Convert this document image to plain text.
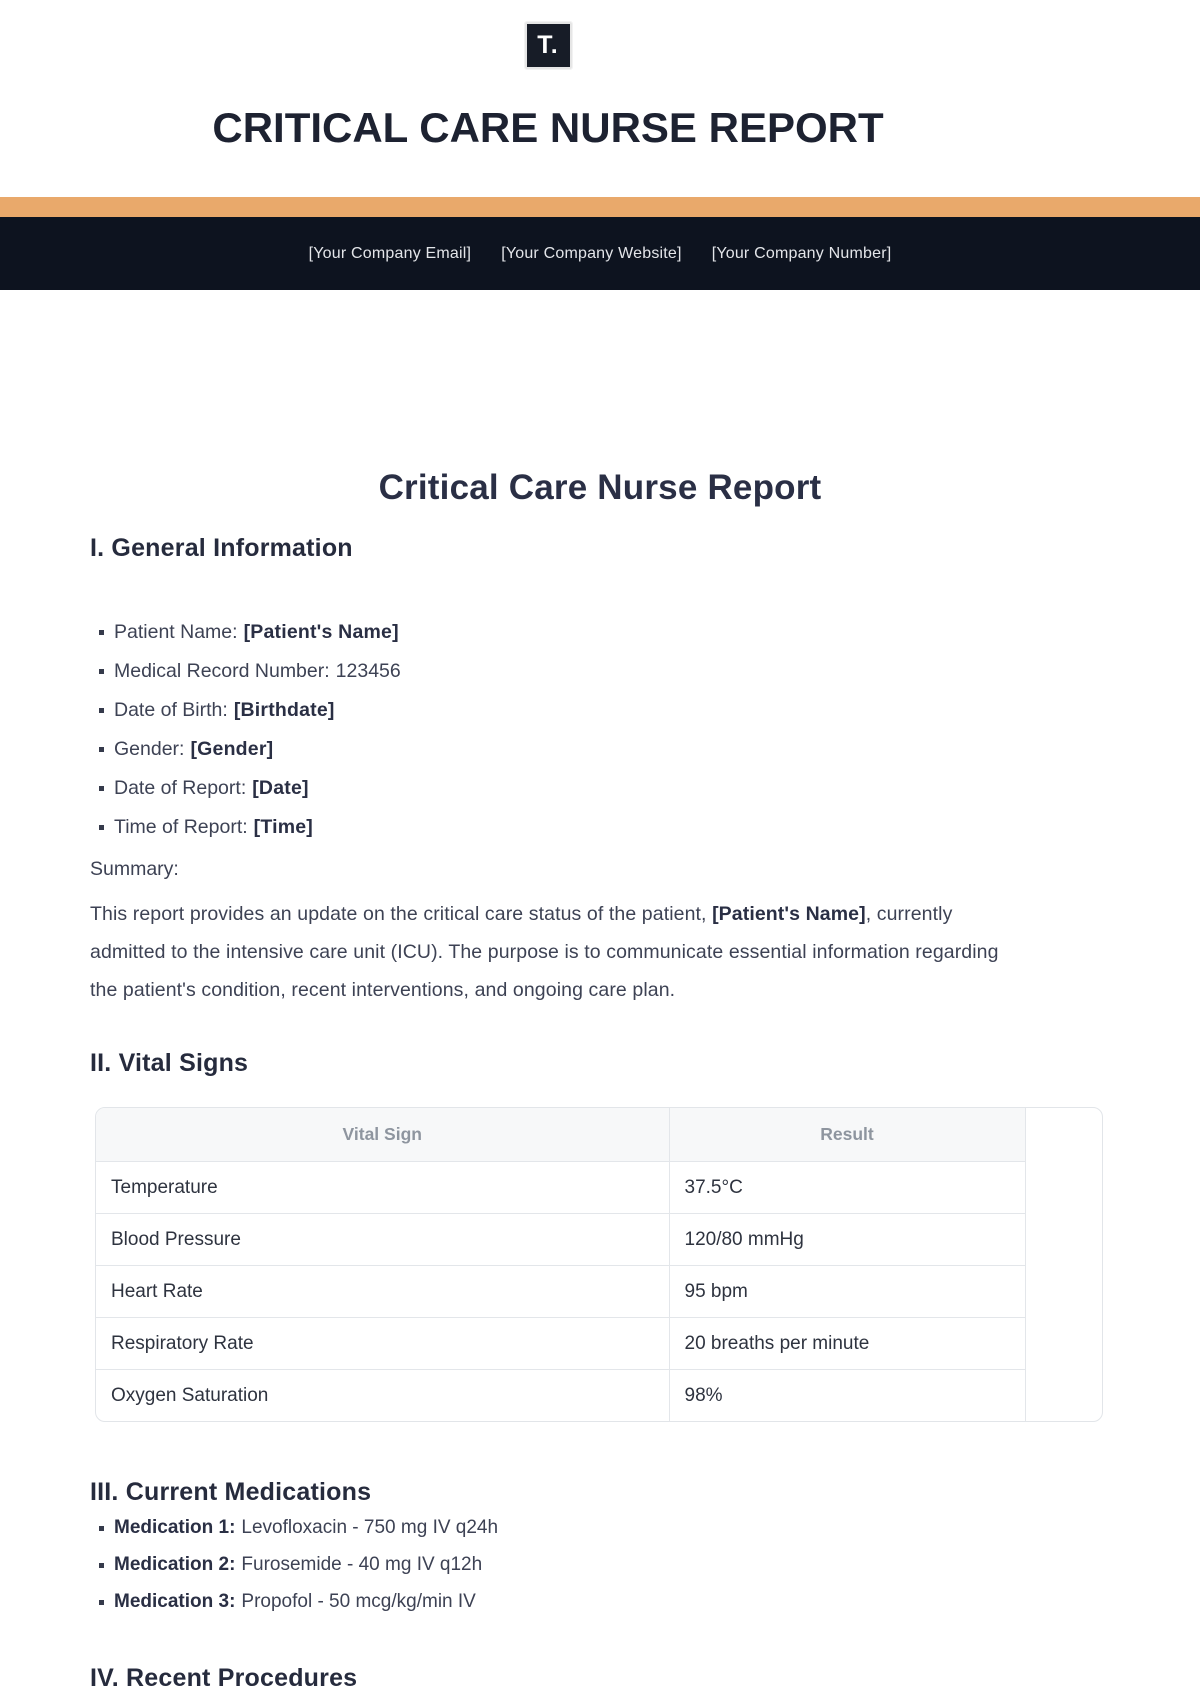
T.
CRITICAL CARE NURSE REPORT
[Your Company Email] [Your Company Website] [Your Company Number]
Critical Care Nurse Report
I. General Information
Patient Name: [Patient's Name]
Medical Record Number: 123456
Date of Birth: [Birthdate]
Gender: [Gender]
Date of Report: [Date]
Time of Report: [Time]

Summary:

This report provides an update on the critical care status of the patient, [Patient's Name], currently admitted to the intensive care unit (ICU). The purpose is to communicate essential information regarding the patient's condition, recent interventions, and ongoing care plan.

II. Vital Signs
Vital Sign	Result
Temperature	37.5°C
Blood Pressure	120/80 mmHg
Heart Rate	95 bpm
Respiratory Rate	20 breaths per minute
Oxygen Saturation	98%
III. Current Medications
Medication 1: Levofloxacin - 750 mg IV q24h
Medication 2: Furosemide - 40 mg IV q12h
Medication 3: Propofol - 50 mcg/kg/min IV
IV. Recent Procedures
